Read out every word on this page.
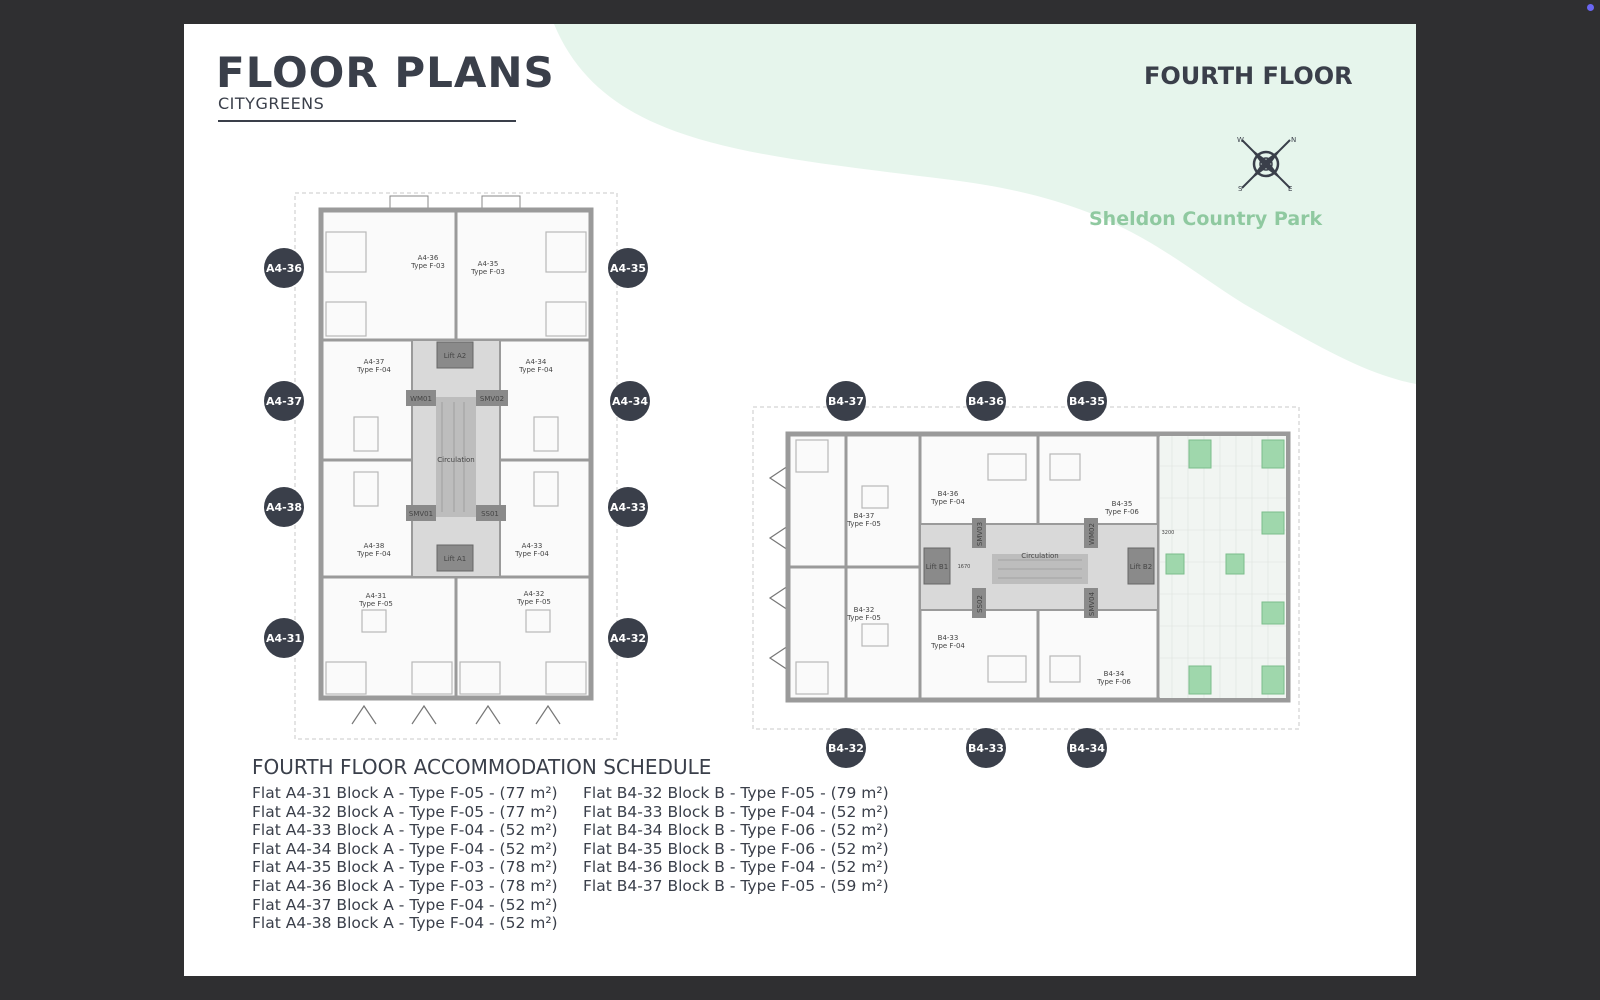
FLOOR PLANS
CITYGREENS
FOURTH FLOOR
N
E
S
W
Sheldon Country Park
Lift A2
Lift A1
Circulation
WM01	SMV02
SMV01	SS01
A4-36
Type F-03	A4-35
Type F-03
A4-37
Type F-04
A4-34
Type F-04
A4-38
Type F-04
A4-33
Type F-04
A4-31
Type F-05
A4-32
Type F-05
A4-36	A4-35
A4-37	A4-34
A4-38	A4-33
A4-31	A4-32
Lift B1	Lift B2
Circulation
1670
3200
SMV03
SS02
WM02
SMV04
B4-37
Type F-05
B4-36
Type F-04	B4-35
Type F-06
B4-32
Type F-05
B4-33
Type F-04
B4-34
Type F-06
B4-37	B4-36	B4-35
B4-32	B4-33	B4-34
FOURTH FLOOR ACCOMMODATION SCHEDULE
Flat A4-31 Block A - Type F-05 - (77 m²)
Flat A4-32 Block A - Type F-05 - (77 m²)
Flat A4-33 Block A - Type F-04 - (52 m²)
Flat A4-34 Block A - Type F-04 - (52 m²)
Flat A4-35 Block A - Type F-03 - (78 m²)
Flat A4-36 Block A - Type F-03 - (78 m²)
Flat A4-37 Block A - Type F-04 - (52 m²)
Flat A4-38 Block A - Type F-04 - (52 m²)
Flat B4-32 Block B - Type F-05 - (79 m²)
Flat B4-33 Block B - Type F-04 - (52 m²)
Flat B4-34 Block B - Type F-06 - (52 m²)
Flat B4-35 Block B - Type F-06 - (52 m²)
Flat B4-36 Block B - Type F-04 - (52 m²)
Flat B4-37 Block B - Type F-05 - (59 m²)
